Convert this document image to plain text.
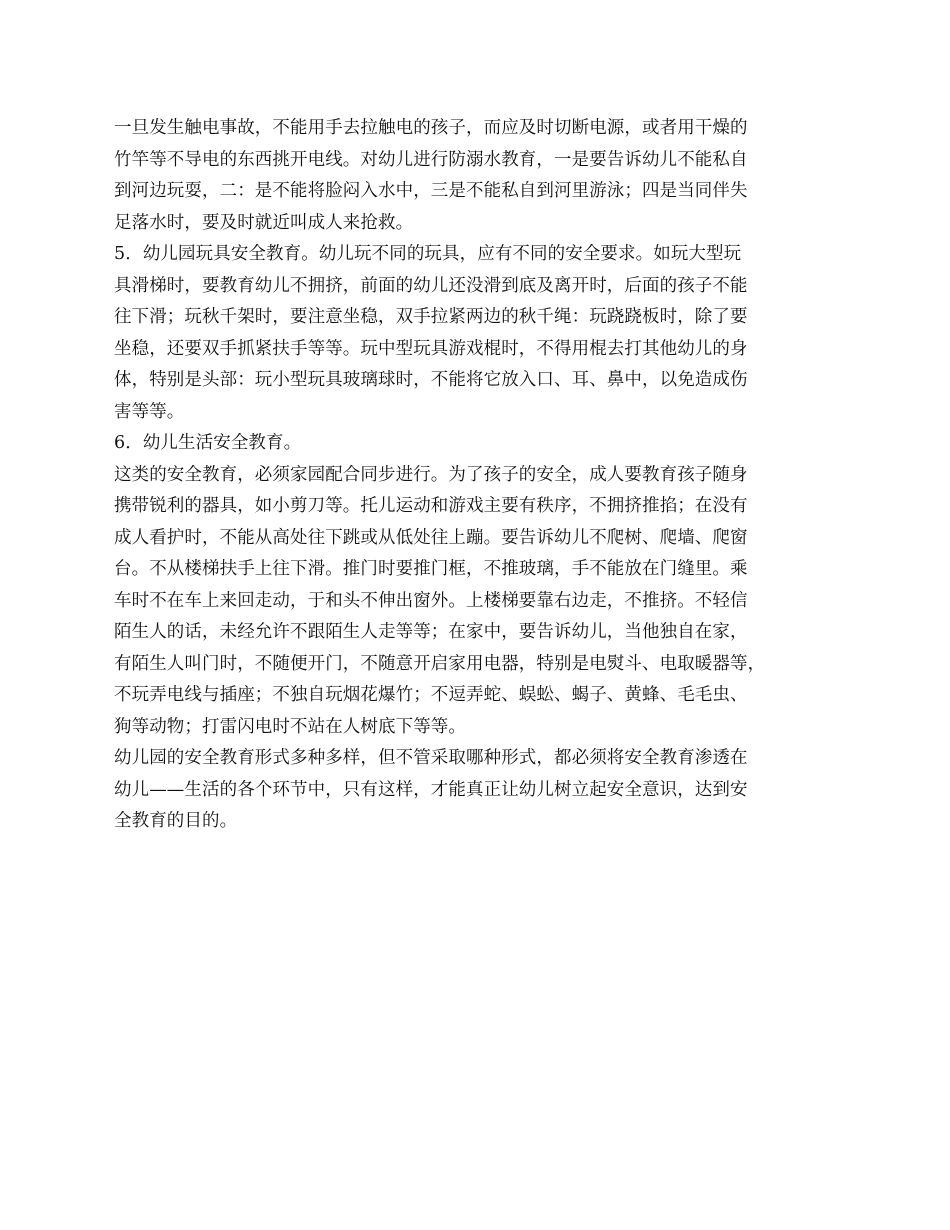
一旦发生触电事故，不能用手去拉触电的孩子，而应及时切断电源，或者用干燥的
竹竿等不导电的东西挑开电线。对幼儿进行防溺水教育，一是要告诉幼儿不能私自
到河边玩耍，二：是不能将脸闷入水中，三是不能私自到河里游泳；四是当同伴失
足落水时，要及时就近叫成人来抢救。
5．幼儿园玩具安全教育。幼儿玩不同的玩具，应有不同的安全要求。如玩大型玩
具滑梯时，要教育幼儿不拥挤，前面的幼儿还没滑到底及离开时，后面的孩子不能
往下滑；玩秋千架时，要注意坐稳，双手拉紧两边的秋千绳：玩跷跷板时，除了要
坐稳，还要双手抓紧扶手等等。玩中型玩具游戏棍时，不得用棍去打其他幼儿的身
体，特别是头部：玩小型玩具玻璃球时，不能将它放入口、耳、鼻中，以免造成伤
害等等。
6．幼儿生活安全教育。
这类的安全教育，必须家园配合同步进行。为了孩子的安全，成人要教育孩子随身
携带锐利的器具，如小剪刀等。托儿运动和游戏主要有秩序，不拥挤推掐；在没有
成人看护时，不能从高处往下跳或从低处往上蹦。要告诉幼儿不爬树、爬墙、爬窗
台。不从楼梯扶手上往下滑。推门时要推门框，不推玻璃，手不能放在门缝里。乘
车时不在车上来回走动，于和头不伸出窗外。上楼梯要靠右边走，不推挤。不轻信
陌生人的话，未经允许不跟陌生人走等等；在家中，要告诉幼儿，当他独自在家，
有陌生人叫门时，不随便开门，不随意开启家用电器，特别是电熨斗、电取暖器等，
不玩弄电线与插座；不独自玩烟花爆竹；不逗弄蛇、蜈蚣、蝎子、黄蜂、毛毛虫、
狗等动物；打雷闪电时不站在人树底下等等。
幼儿园的安全教育形式多种多样，但不管采取哪种形式，都必须将安全教育渗透在
幼儿——生活的各个环节中，只有这样，才能真正让幼儿树立起安全意识，达到安
全教育的目的。
